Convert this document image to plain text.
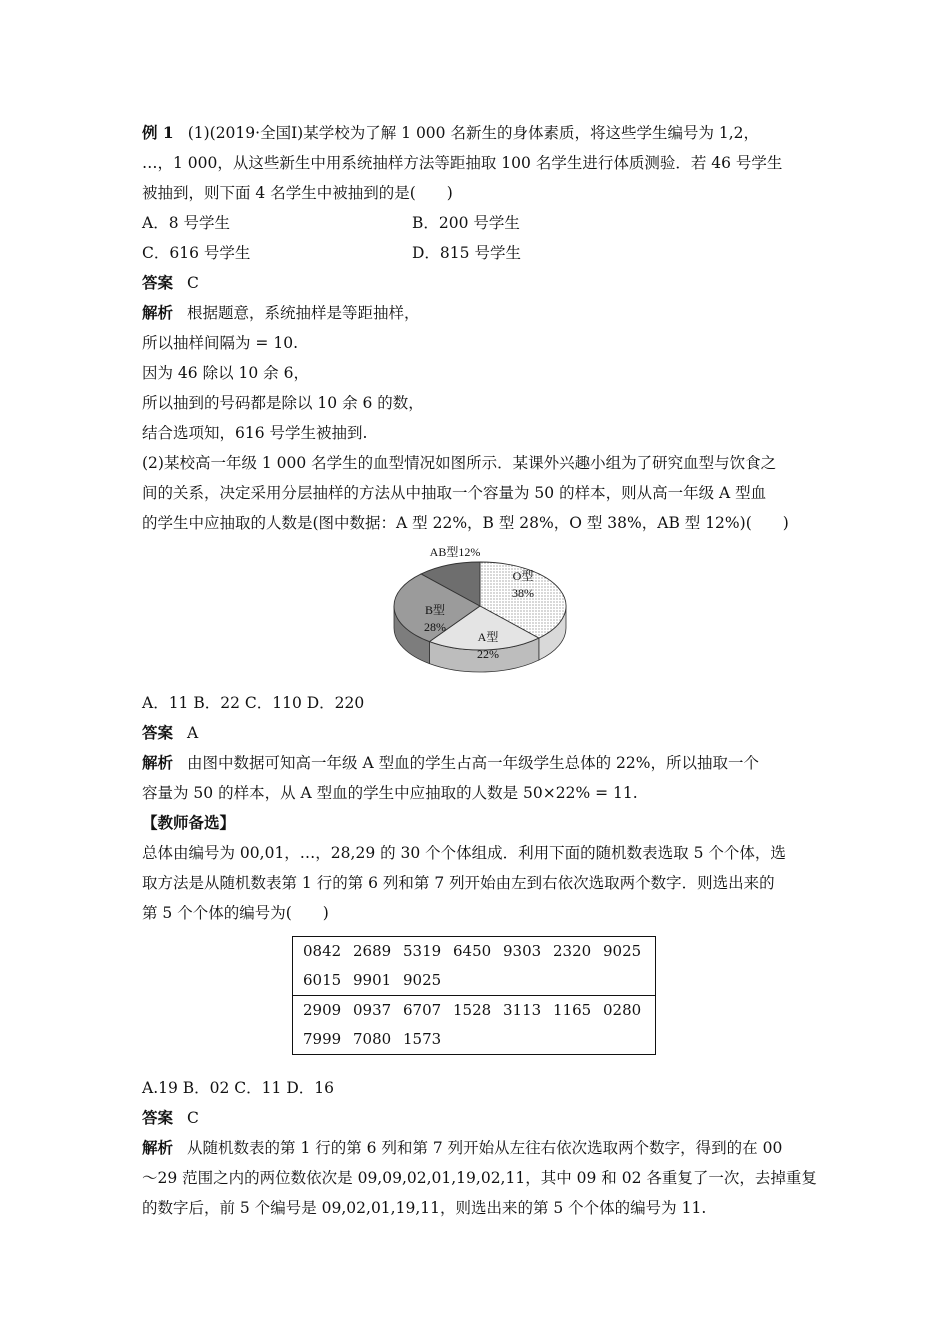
例 1 (1)(2019·全国Ⅰ)某学校为了解 1 000 名新生的身体素质，将这些学生编号为 1,2，
…，1 000，从这些新生中用系统抽样方法等距抽取 100 名学生进行体质测验．若 46 号学生
被抽到，则下面 4 名学生中被抽到的是(　　)
A．8 号学生	B．200 号学生
C．616 号学生	D．815 号学生
答案 C
解析 根据题意，系统抽样是等距抽样，
所以抽样间隔为 = 10.
因为 46 除以 10 余 6，
所以抽到的号码都是除以 10 余 6 的数，
结合选项知，616 号学生被抽到.
(2)某校高一年级 1 000 名学生的血型情况如图所示．某课外兴趣小组为了研究血型与饮食之
间的关系，决定采用分层抽样的方法从中抽取一个容量为 50 的样本，则从高一年级 A 型血
的学生中应抽取的人数是(图中数据：A 型 22%，B 型 28%，O 型 38%，AB 型 12%)(　　)
O型
38%
A型
22%
B型
28%
AB型12%
A．11 B．22 C．110 D．220
答案 A
解析 由图中数据可知高一年级 A 型血的学生占高一年级学生总体的 22%，所以抽取一个
容量为 50 的样本，从 A 型血的学生中应抽取的人数是 50×22% = 11.
【教师备选】
总体由编号为 00,01，…，28,29 的 30 个个体组成．利用下面的随机数表选取 5 个个体，选
取方法是从随机数表第 1 行的第 6 列和第 7 列开始由左到右依次选取两个数字．则选出来的
第 5 个个体的编号为(　　)
0842 2689 5319 6450 9303 2320 9025
6015 9901 9025
2909 0937 6707 1528 3113 1165 0280
7999 7080 1573
A.19 B．02 C．11 D．16
答案 C
解析 从随机数表的第 1 行的第 6 列和第 7 列开始从左往右依次选取两个数字，得到的在 00
～29 范围之内的两位数依次是 09,09,02,01,19,02,11，其中 09 和 02 各重复了一次，去掉重复
的数字后，前 5 个编号是 09,02,01,19,11，则选出来的第 5 个个体的编号为 11.
